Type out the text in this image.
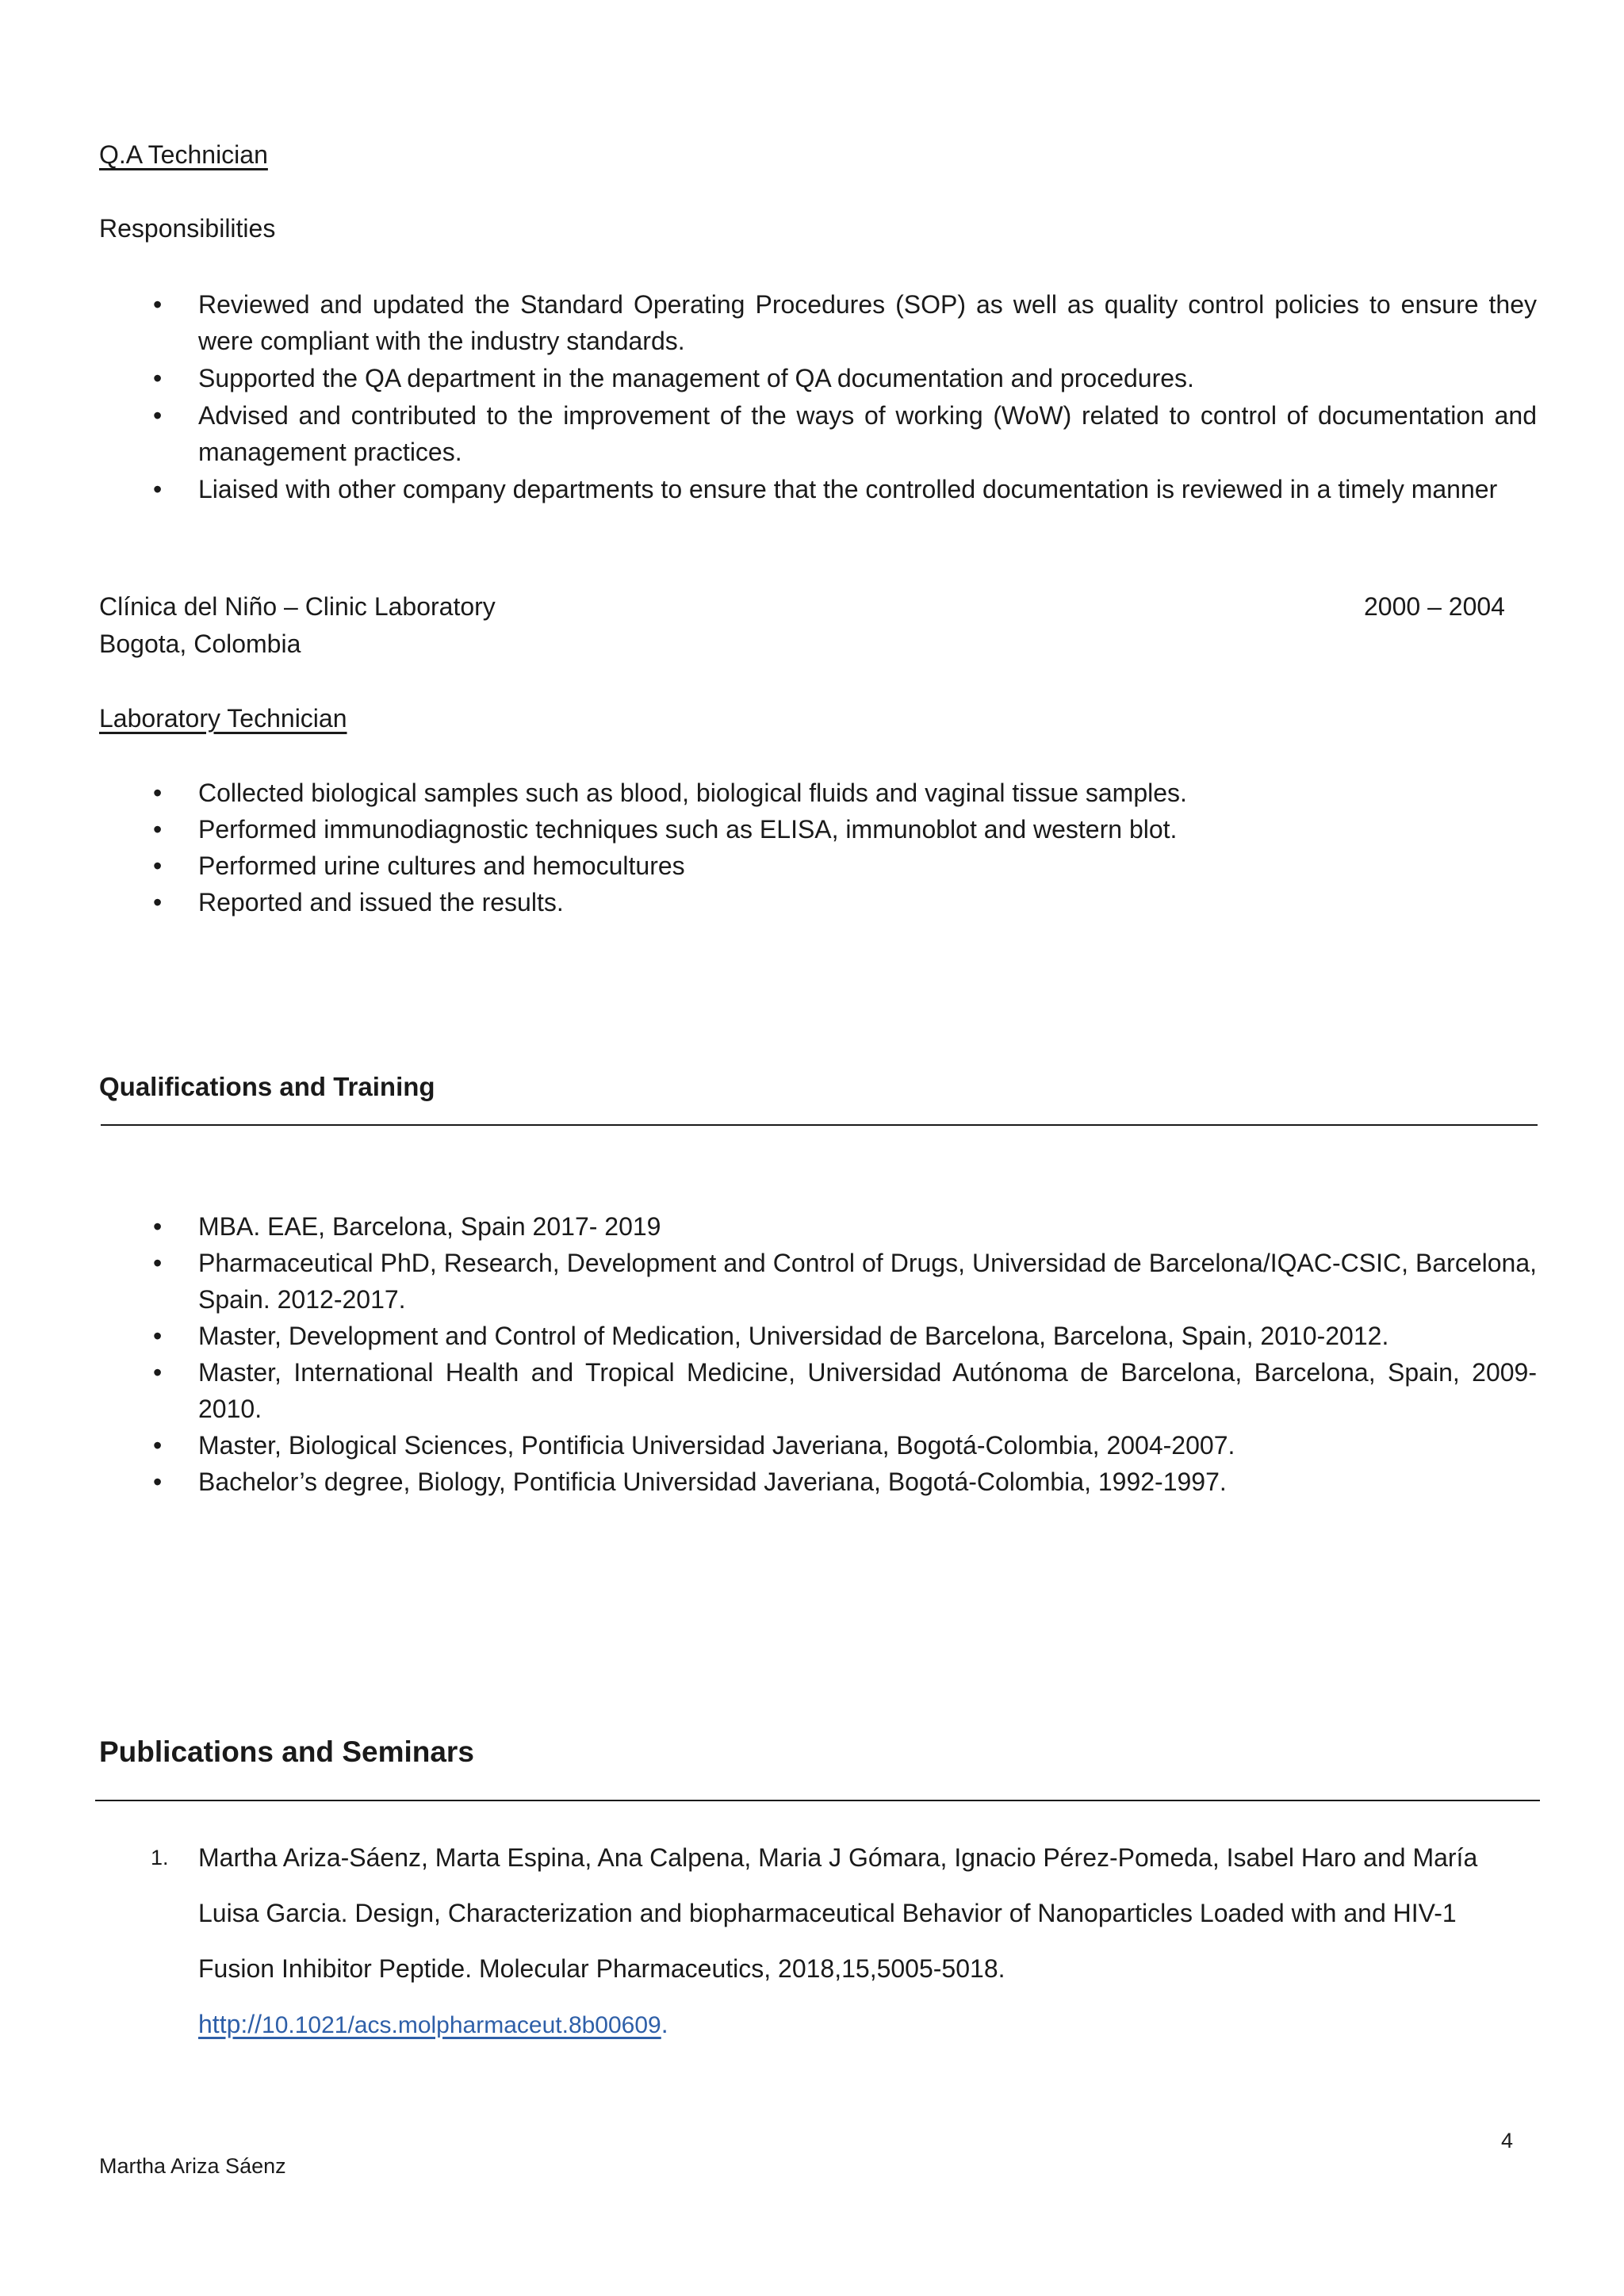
Q.A Technician
Responsibilities
• Reviewed and updated the Standard Operating Procedures (SOP) as well as quality control policies to ensure they were compliant with the industry standards.
• Supported the QA department in the management of QA documentation and procedures.
• Advised and contributed to the improvement of the ways of working (WoW) related to control of documentation and management practices.
• Liaised with other company departments to ensure that the controlled documentation is reviewed in a timely manner
Clínica del Niño – Clinic Laboratory	2000 – 2004
Bogota, Colombia
Laboratory Technician
• Collected biological samples such as blood, biological fluids and vaginal tissue samples.
• Performed immunodiagnostic techniques such as ELISA, immunoblot and western blot.
• Performed urine cultures and hemocultures
• Reported and issued the results.
Qualifications and Training
• MBA. EAE, Barcelona, Spain 2017- 2019
• Pharmaceutical PhD, Research, Development and Control of Drugs, Universidad de Barcelona/IQAC-CSIC, Barcelona, Spain. 2012-2017.
• Master, Development and Control of Medication, Universidad de Barcelona, Barcelona, Spain, 2010-2012.
• Master, International Health and Tropical Medicine, Universidad Autónoma de Barcelona, Barcelona, Spain, 2009-2010.
• Master, Biological Sciences, Pontificia Universidad Javeriana, Bogotá-Colombia, 2004-2007.
• Bachelor’s degree, Biology, Pontificia Universidad Javeriana, Bogotá-Colombia, 1992-1997.
Publications and Seminars
1. Martha Ariza-Sáenz, Marta Espina, Ana Calpena, Maria J Gómara, Ignacio Pérez-Pomeda, Isabel Haro and María Luisa Garcia. Design, Characterization and biopharmaceutical Behavior of Nanoparticles Loaded with and HIV-1 Fusion Inhibitor Peptide. Molecular Pharmaceutics, 2018,15,5005-5018.
http://10.1021/acs.molpharmaceut.8b00609.
4
Martha Ariza Sáenz
